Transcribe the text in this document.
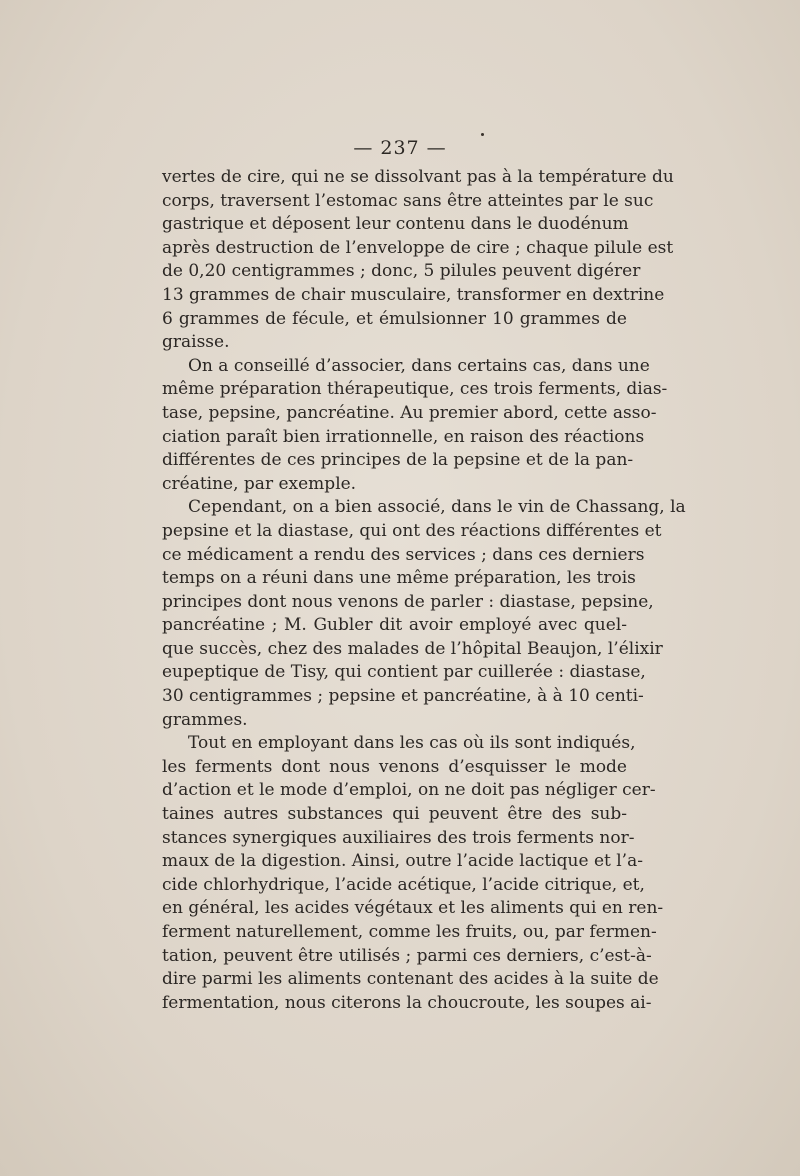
— 237 —
vertes de cire, qui ne se dissolvant pas à la température du
corps, traversent l’estomac sans être atteintes par le suc
gastrique et déposent leur contenu dans le duodénum
après destruction de l’enveloppe de cire ; chaque pilule est
de 0,20 centigrammes ; donc, 5 pilules peuvent digérer
13 grammes de chair musculaire, transformer en dextrine
6 grammes de fécule, et émulsionner 10 grammes de
graisse.
On a conseillé d’associer, dans certains cas, dans une
même préparation thérapeutique, ces trois ferments, dias-
tase, pepsine, pancréatine. Au premier abord, cette asso-
ciation paraît bien irrationnelle, en raison des réactions
différentes de ces principes de la pepsine et de la pan-
créatine, par exemple.
Cependant, on a bien associé, dans le vin de Chassang, la
pepsine et la diastase, qui ont des réactions différentes et
ce médicament a rendu des services ; dans ces derniers
temps on a réuni dans une même préparation, les trois
principes dont nous venons de parler : diastase, pepsine,
pancréatine ; M. Gubler dit avoir employé avec quel-
que succès, chez des malades de l’hôpital Beaujon, l’élixir
eupeptique de Tisy, qui contient par cuillerée : diastase,
30 centigrammes ; pepsine et pancréatine, à à 10 centi-
grammes.
Tout en employant dans les cas où ils sont indiqués,
les ferments dont nous venons d’esquisser le mode
d’action et le mode d’emploi, on ne doit pas négliger cer-
taines autres substances qui peuvent être des sub-
stances synergiques auxiliaires des trois ferments nor-
maux de la digestion. Ainsi, outre l’acide lactique et l’a-
cide chlorhydrique, l’acide acétique, l’acide citrique, et,
en général, les acides végétaux et les aliments qui en ren-
ferment naturellement, comme les fruits, ou, par fermen-
tation, peuvent être utilisés ; parmi ces derniers, c’est-à-
dire parmi les aliments contenant des acides à la suite de
fermentation, nous citerons la choucroute, les soupes ai-
